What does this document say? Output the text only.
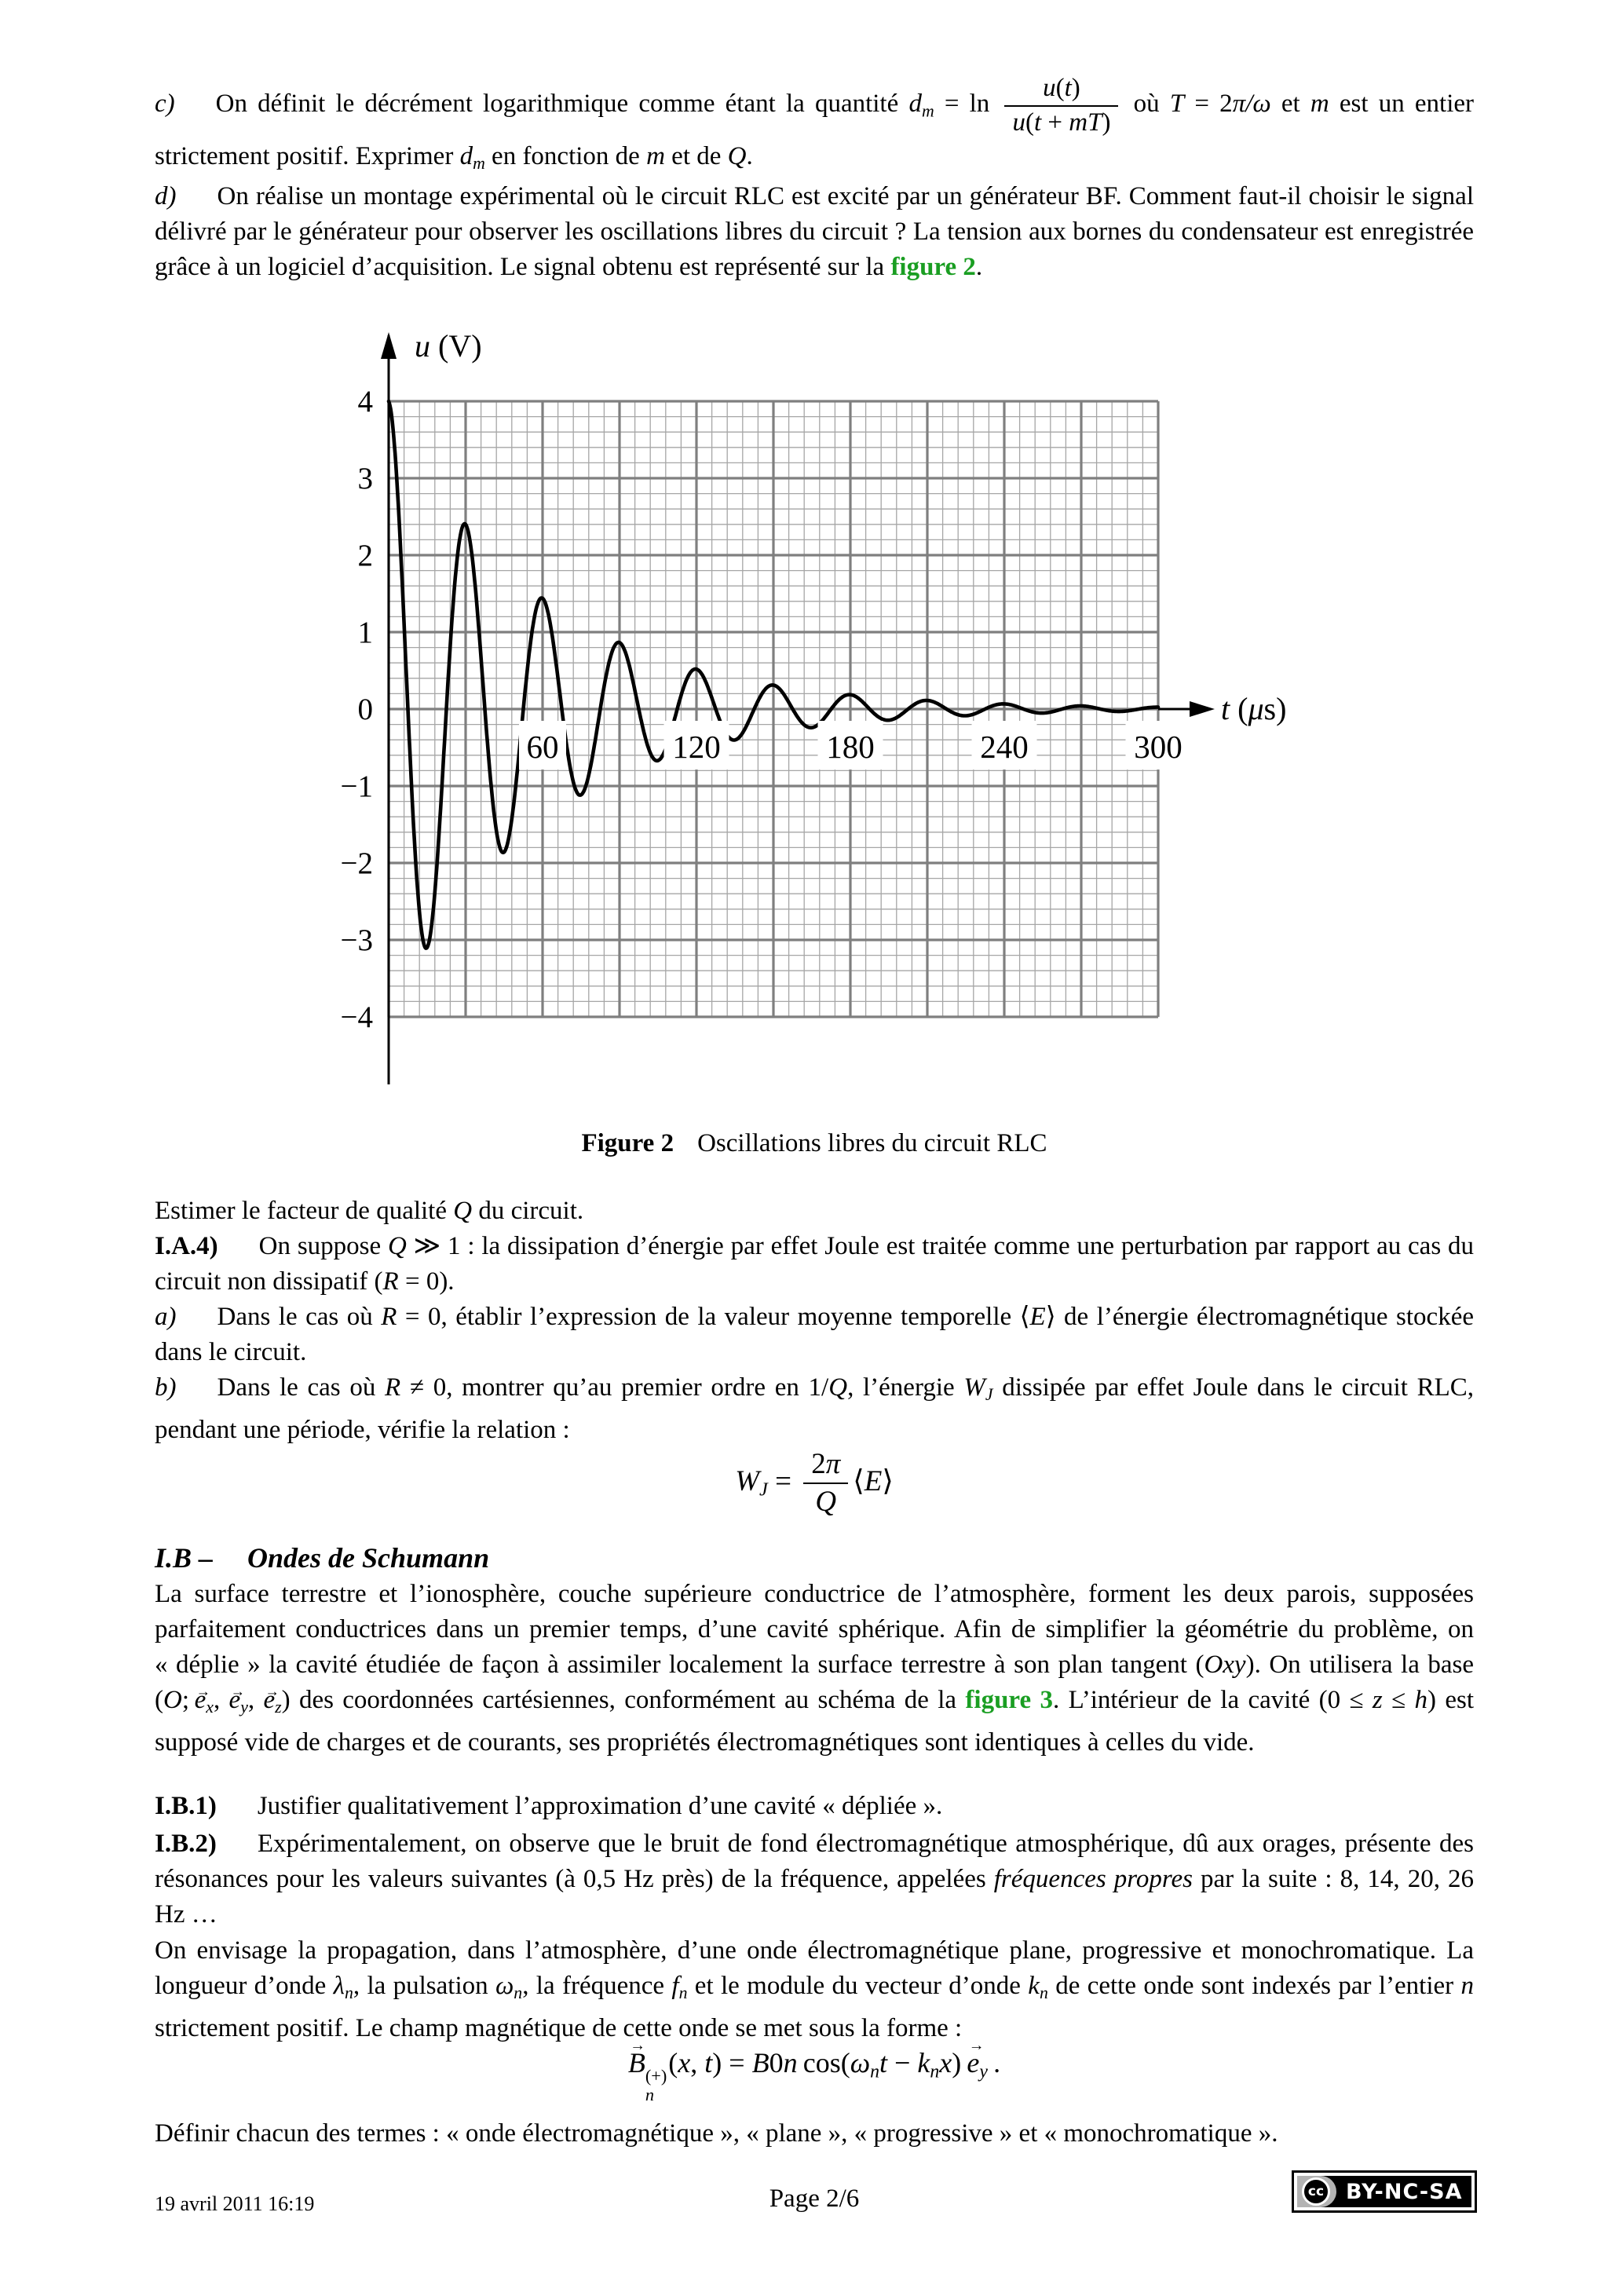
c) On définit le décrément logarithmique comme étant la quantité dm = $\ln \frac{u(t)}{u(t + mT)}$ où T = 2π/ω et m est un entier strictement positif. Exprimer dm en fonction de m et de Q.
d) On réalise un montage expérimental où le circuit RLC est excité par un générateur BF. Comment faut-il choisir le signal délivré par le générateur pour observer les oscillations libres du circuit ? La tension aux bornes du condensateur est enregistrée grâce à un logiciel d’acquisition. Le signal obtenu est représenté sur la figure 2.
60	120	180	240	300
4
3
2
1
0
−1
−2
−3
−4
u (V)
t (μs)
Figure 2 Oscillations libres du circuit RLC
Estimer le facteur de qualité Q du circuit.
I.A.4) On suppose Q ≫ 1 : la dissipation d’énergie par effet Joule est traitée comme une perturbation par rapport au cas du circuit non dissipatif (R = 0).
a) Dans le cas où R = 0, établir l’expression de la valeur moyenne temporelle ⟨E⟩ de l’énergie électromagnétique stockée dans le circuit.
b) Dans le cas où R ≠ 0, montrer qu’au premier ordre en 1/Q, l’énergie WJ dissipée par effet Joule dans le circuit RLC, pendant une période, vérifie la relation :
WJ = $\frac{2\pi}{Q}$ ⟨E⟩
I.B – Ondes de Schumann
La surface terrestre et l’ionosphère, couche supérieure conductrice de l’atmosphère, forment les deux parois, supposées parfaitement conductrices dans un premier temps, d’une cavité sphérique. Afin de simplifier la géométrie du problème, on « déplie » la cavité étudiée de façon à assimiler localement la surface terrestre à son plan tangent (Oxy). On utilisera la base (O; e →x, e →y, e →z) des coordonnées cartésiennes, conformément au schéma de la figure 3. L’intérieur de la cavité (0 ≤ z ≤ h) est supposé vide de charges et de courants, ses propriétés électromagnétiques sont identiques à celles du vide.
I.B.1) Justifier qualitativement l’approximation d’une cavité « dépliée ».
I.B.2) Expérimentalement, on observe que le bruit de fond électromagnétique atmosphérique, dû aux orages, présente des résonances pour les valeurs suivantes (à 0,5 Hz près) de la fréquence, appelées fréquences propres par la suite : 8, 14, 20, 26 Hz …
On envisage la propagation, dans l’atmosphère, d’une onde électromagnétique plane, progressive et monochromatique. La longueur d’onde λn, la pulsation ωn, la fréquence fn et le module du vecteur d’onde kn de cette onde sont indexés par l’entier n strictement positif. Le champ magnétique de cette onde se met sous la forme :
B → (+)
n
(x, t) = B0n cos(ωnt − knx) e →y .
Définir chacun des termes : « onde électromagnétique », « plane », « progressive » et « monochromatique ».
19 avril 2011 16:19	Page 2/6	cc	BY-NC-SA
